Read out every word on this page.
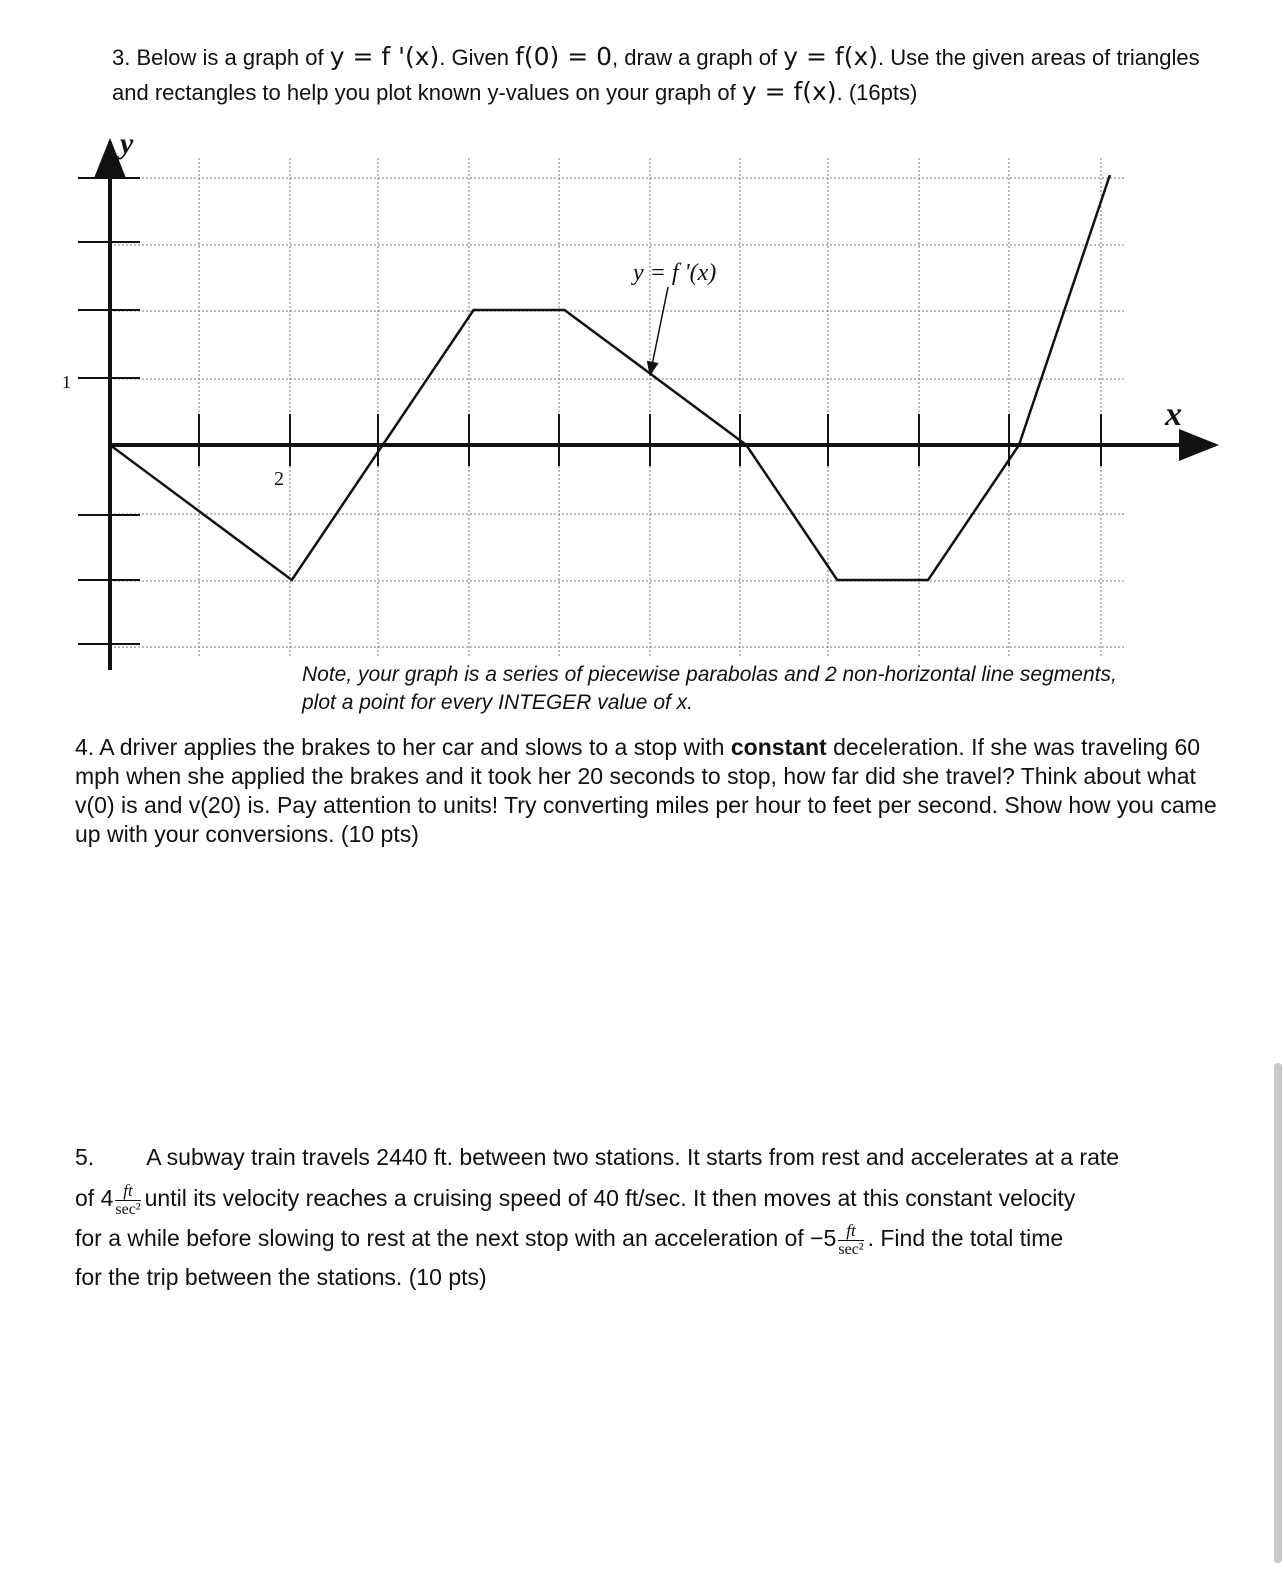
3. Below is a graph of y = f '(x). Given f(0) = 0, draw a graph of y = f(x). Use the given areas of triangles and rectangles to help you plot known y-values on your graph of y = f(x). (16pts)
y
x
1
2
y = f '(x)
Note, your graph is a series of piecewise parabolas and 2 non-horizontal line segments,
plot a point for every INTEGER value of x.
4. A driver applies the brakes to her car and slows to a stop with constant deceleration. If she was traveling 60 mph when she applied the brakes and it took her 20 seconds to stop, how far did she travel? Think about what v(0) is and v(20) is. Pay attention to units! Try converting miles per hour to feet per second. Show how you came up with your conversions. (10 pts)
5. A subway train travels 2440 ft. between two stations. It starts from rest and accelerates at a rate
of $4 \frac{ft}{\text{sec²}}$ until its velocity reaches a cruising speed of 40 ft/sec. It then moves at this constant velocity
for a while before slowing to rest at the next stop with an acceleration of $-5 \frac{ft}{\text{sec²}}$ . Find the total time
for the trip between the stations. (10 pts)
